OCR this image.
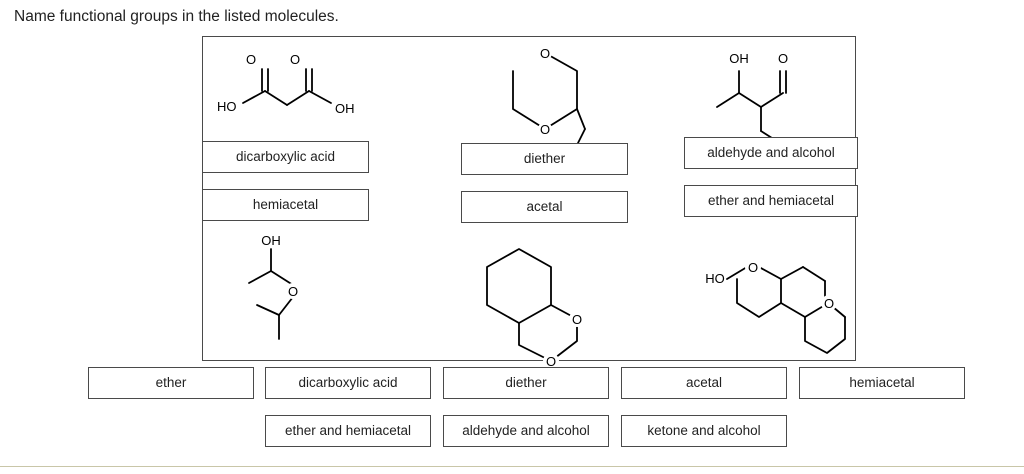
Name functional groups in the listed molecules.
O	O
HO	OH
O
O
OH O
dicarboxylic acid
hemiacetal
diether
acetal
aldehyde and alcohol
ether and hemiacetal
OH
O
O
O
O
O
HO
ether	dicarboxylic acid	diether	acetal	hemiacetal
ether and hemiacetal	aldehyde and alcohol	ketone and alcohol
